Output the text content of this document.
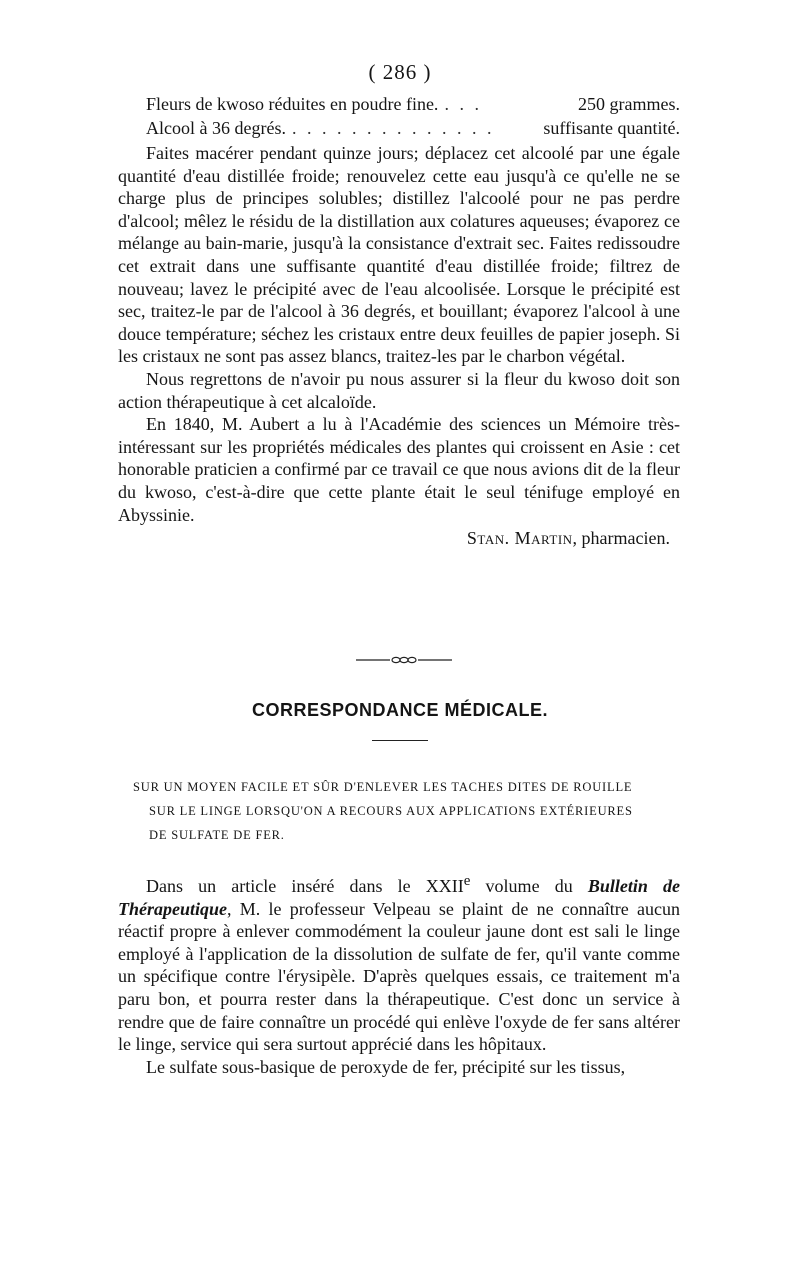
( 286 )
Fleurs de kwoso réduites en poudre fine. . . .	250 grammes.
Alcool à 36 degrés. . . . . . . . . . . . . . .	suffisante quantité.

Faites macérer pendant quinze jours; déplacez cet alcoolé par une égale quantité d'eau distillée froide; renouvelez cette eau jusqu'à ce qu'elle ne se charge plus de principes solubles; distillez l'alcoolé pour ne pas perdre d'alcool; mêlez le résidu de la distillation aux colatures aqueuses; évaporez ce mélange au bain-marie, jusqu'à la consistance d'extrait sec. Faites redissoudre cet extrait dans une suffisante quantité d'eau distillée froide; filtrez de nouveau; lavez le précipité avec de l'eau alcoolisée. Lorsque le précipité est sec, traitez-le par de l'alcool à 36 degrés, et bouillant; évaporez l'alcool à une douce température; séchez les cristaux entre deux feuilles de papier joseph. Si les cristaux ne sont pas assez blancs, traitez-les par le charbon végétal.

Nous regrettons de n'avoir pu nous assurer si la fleur du kwoso doit son action thérapeutique à cet alcaloïde.

En 1840, M. Aubert a lu à l'Académie des sciences un Mémoire très-intéressant sur les propriétés médicales des plantes qui croissent en Asie : cet honorable praticien a confirmé par ce travail ce que nous avions dit de la fleur du kwoso, c'est-à-dire que cette plante était le seul ténifuge employé en Abyssinie.

Stan. Martin, pharmacien.
CORRESPONDANCE MÉDICALE.
SUR UN MOYEN FACILE ET SÛR D'ENLEVER LES TACHES DITES DE ROUILLE

SUR LE LINGE LORSQU'ON A RECOURS AUX APPLICATIONS EXTÉRIEURES
DE SULFATE DE FER.

Dans un article inséré dans le XXIIe volume du Bulletin de Thérapeutique, M. le professeur Velpeau se plaint de ne connaître aucun réactif propre à enlever commodément la couleur jaune dont est sali le linge employé à l'application de la dissolution de sulfate de fer, qu'il vante comme un spécifique contre l'érysipèle. D'après quelques essais, ce traitement m'a paru bon, et pourra rester dans la thérapeutique. C'est donc un service à rendre que de faire connaître un procédé qui enlève l'oxyde de fer sans altérer le linge, service qui sera surtout apprécié dans les hôpitaux.

Le sulfate sous-basique de peroxyde de fer, précipité sur les tissus,
